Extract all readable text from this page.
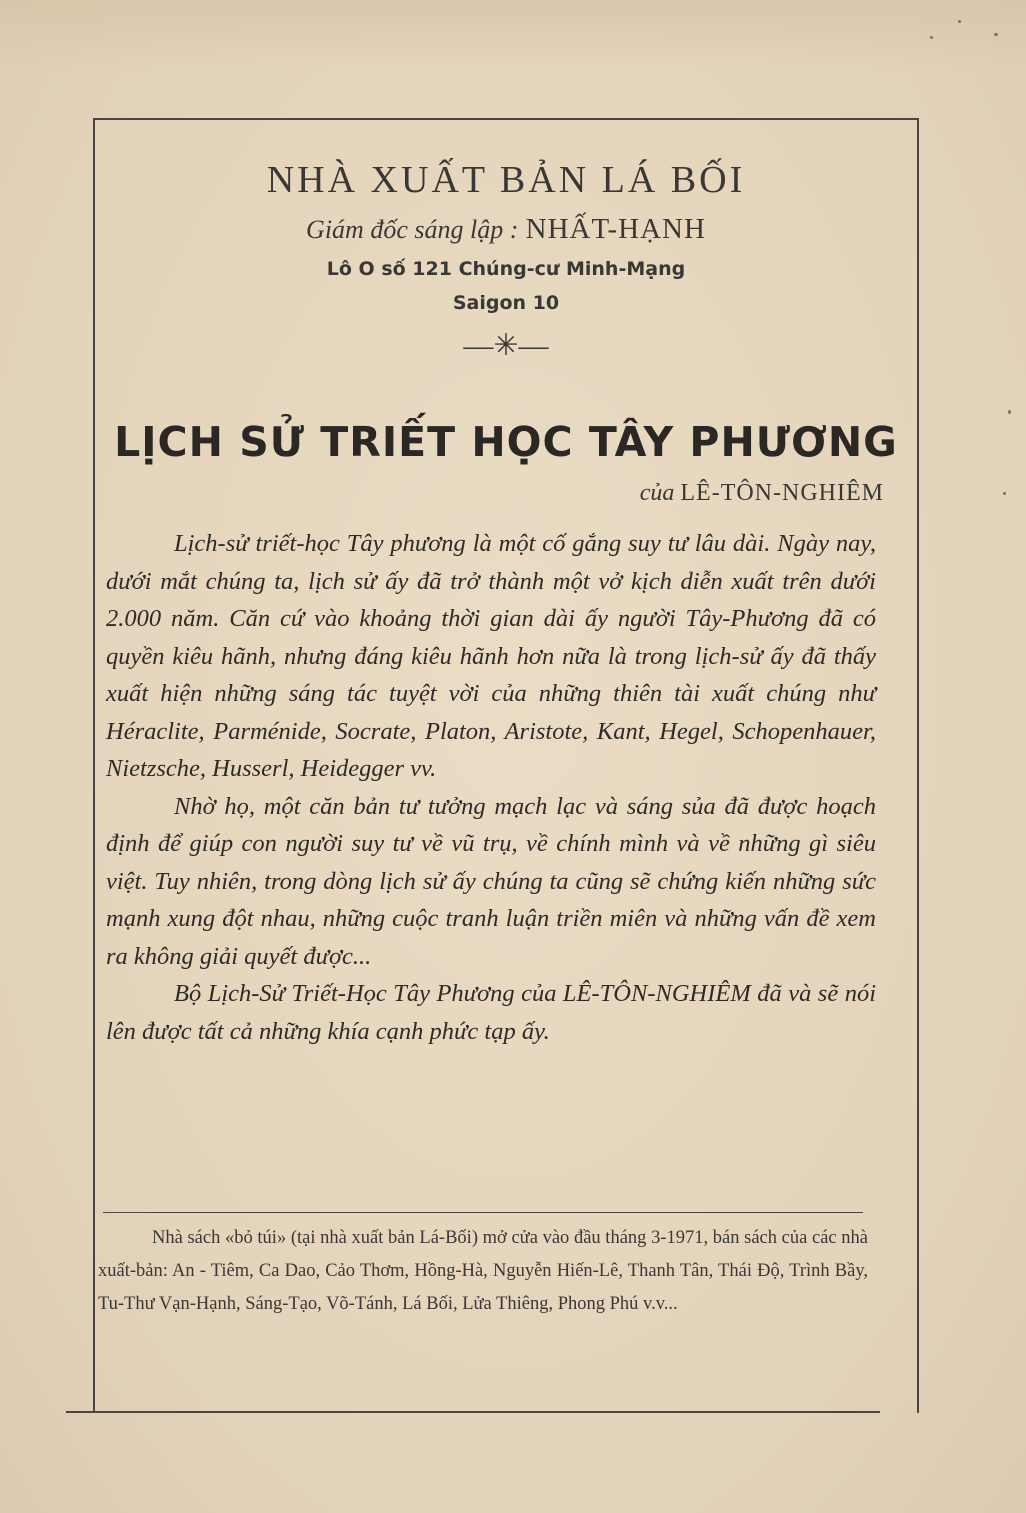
NHÀ XUẤT BẢN LÁ BỐI
Giám đốc sáng lập : NHẤT-HẠNH
Lô O số 121 Chúng-cư Minh-Mạng
Saigon 10
—✳—
LỊCH SỬ TRIẾT HỌC TÂY PHƯƠNG
của LÊ-TÔN-NGHIÊM

Lịch-sử triết-học Tây phương là một cố gắng suy tư lâu dài. Ngày nay, dưới mắt chúng ta, lịch sử ấy đã trở thành một vở kịch diễn xuất trên dưới 2.000 năm. Căn cứ vào khoảng thời gian dài ấy người Tây-Phương đã có quyền kiêu hãnh, nhưng đáng kiêu hãnh hơn nữa là trong lịch-sử ấy đã thấy xuất hiện những sáng tác tuyệt vời của những thiên tài xuất chúng như Héraclite, Parménide, Socrate, Platon, Aristote, Kant, Hegel, Schopenhauer, Nietzsche, Husserl, Heidegger vv.

Nhờ họ, một căn bản tư tưởng mạch lạc và sáng sủa đã được hoạch định để giúp con người suy tư về vũ trụ, về chính mình và về những gì siêu việt. Tuy nhiên, trong dòng lịch sử ấy chúng ta cũng sẽ chứng kiến những sức mạnh xung đột nhau, những cuộc tranh luận triền miên và những vấn đề xem ra không giải quyết được...

Bộ Lịch-Sử Triết-Học Tây Phương của LÊ-TÔN-NGHIÊM đã và sẽ nói lên được tất cả những khía cạnh phức tạp ấy.

Nhà sách «bỏ túi» (tại nhà xuất bản Lá-Bối) mở cửa vào đầu tháng 3-1971, bán sách của các nhà xuất-bản: An - Tiêm, Ca Dao, Cảo Thơm, Hồng-Hà, Nguyễn Hiến-Lê, Thanh Tân, Thái Độ, Trình Bầy, Tu-Thư Vạn-Hạnh, Sáng-Tạo, Võ-Tánh, Lá Bối, Lửa Thiêng, Phong Phú v.v...
